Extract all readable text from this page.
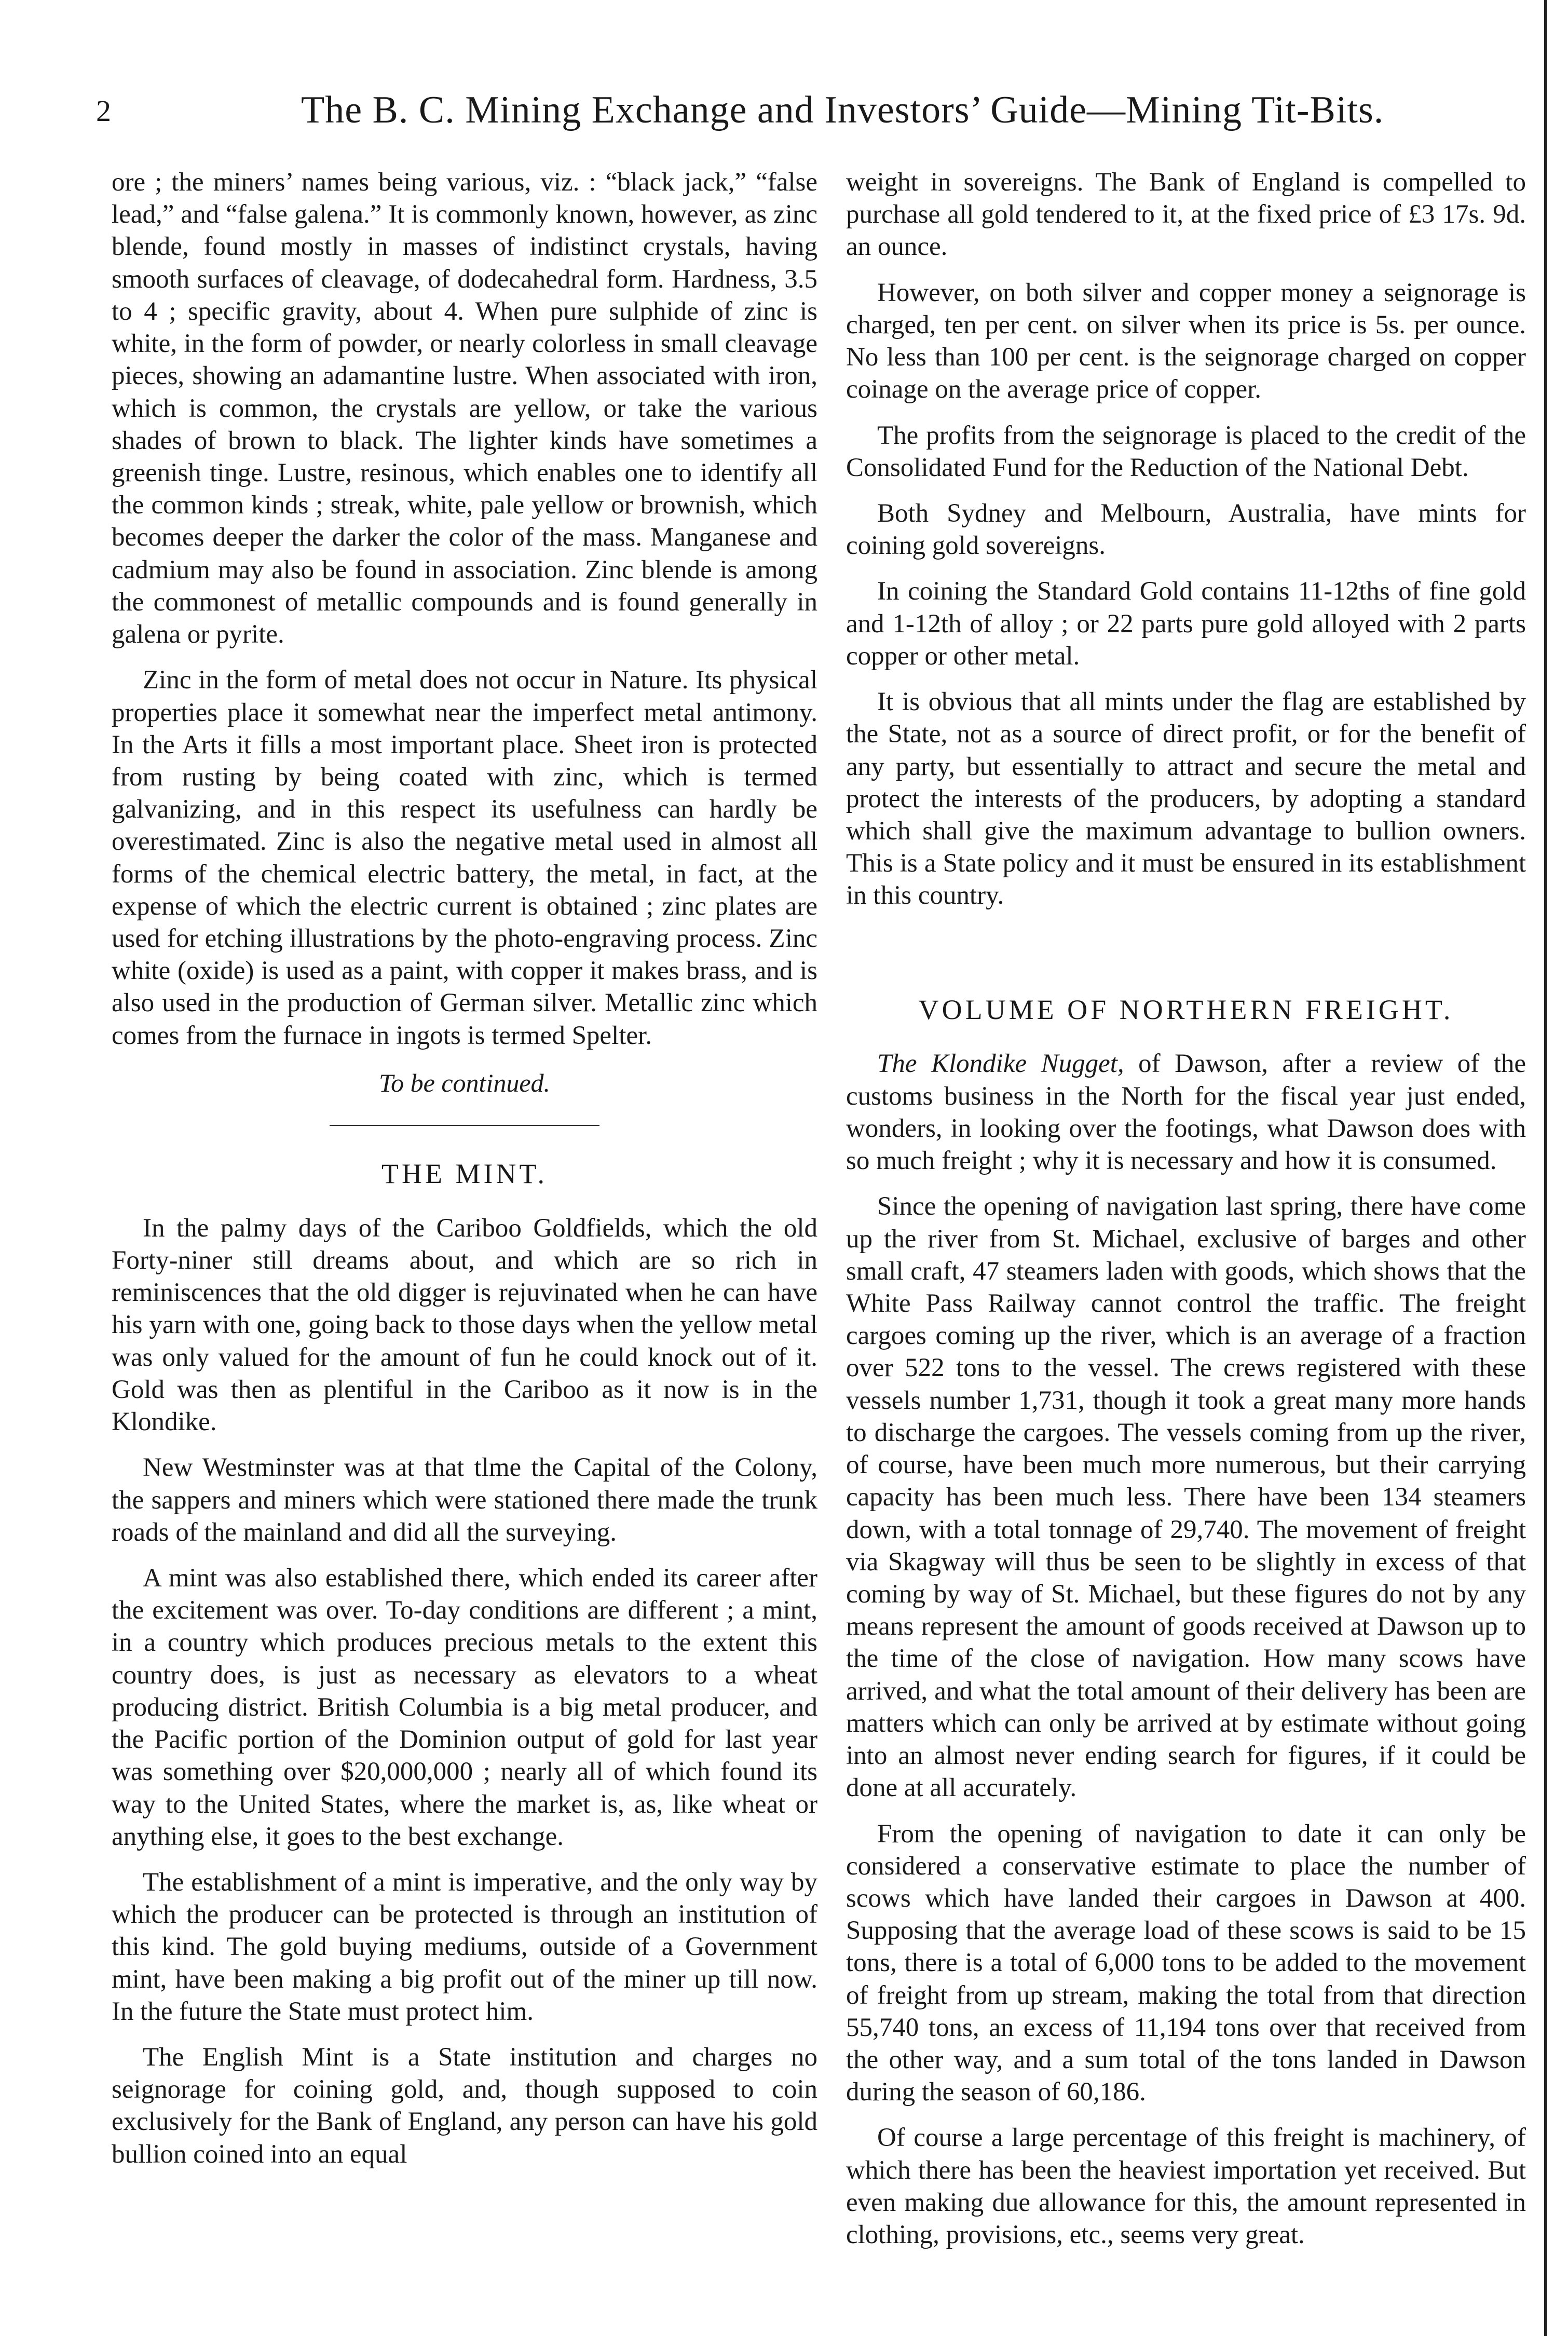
2	The B. C. Mining Exchange and Investors’ Guide—Mining Tit-Bits.

ore ; the miners’ names being various, viz. : “black jack,” “false lead,” and “false galena.” It is commonly known, however, as zinc blende, found mostly in masses of indistinct crystals, having smooth surfaces of cleavage, of dodecahedral form. Hardness, 3.5 to 4 ; specific gravity, about 4. When pure sulphide of zinc is white, in the form of powder, or nearly colorless in small cleavage pieces, showing an adamantine lustre. When associated with iron, which is common, the crystals are yellow, or take the various shades of brown to black. The lighter kinds have sometimes a greenish tinge. Lustre, resinous, which enables one to identify all the common kinds ; streak, white, pale yellow or brownish, which becomes deeper the darker the color of the mass. Manganese and cadmium may also be found in association. Zinc blende is among the commonest of metallic compounds and is found generally in galena or pyrite.

Zinc in the form of metal does not occur in Nature. Its physical properties place it somewhat near the imperfect metal antimony. In the Arts it fills a most important place. Sheet iron is protected from rusting by being coated with zinc, which is termed galvanizing, and in this respect its usefulness can hardly be overestimated. Zinc is also the negative metal used in almost all forms of the chemical electric battery, the metal, in fact, at the expense of which the electric current is obtained ; zinc plates are used for etching illustrations by the photo-engraving process. Zinc white (oxide) is used as a paint, with copper it makes brass, and is also used in the production of German silver. Metallic zinc which comes from the furnace in ingots is termed Spelter.

To be continued.
THE MINT.

In the palmy days of the Cariboo Goldfields, which the old Forty-niner still dreams about, and which are so rich in reminiscences that the old digger is rejuvinated when he can have his yarn with one, going back to those days when the yellow metal was only valued for the amount of fun he could knock out of it. Gold was then as plentiful in the Cariboo as it now is in the Klondike.

New Westminster was at that tlme the Capital of the Colony, the sappers and miners which were stationed there made the trunk roads of the mainland and did all the surveying.

A mint was also established there, which ended its career after the excitement was over. To-day conditions are different ; a mint, in a country which produces precious metals to the extent this country does, is just as necessary as elevators to a wheat producing district. British Columbia is a big metal producer, and the Pacific portion of the Dominion output of gold for last year was something over $20,000,000 ; nearly all of which found its way to the United States, where the market is, as, like wheat or anything else, it goes to the best exchange.

The establishment of a mint is imperative, and the only way by which the producer can be protected is through an institution of this kind. The gold buying mediums, outside of a Government mint, have been making a big profit out of the miner up till now. In the future the State must protect him.

The English Mint is a State institution and charges no seignorage for coining gold, and, though supposed to coin exclusively for the Bank of England, any person can have his gold bullion coined into an equal

weight in sovereigns. The Bank of England is compelled to purchase all gold tendered to it, at the fixed price of £3 17s. 9d. an ounce.

However, on both silver and copper money a seignorage is charged, ten per cent. on silver when its price is 5s. per ounce. No less than 100 per cent. is the seignorage charged on copper coinage on the average price of copper.

The profits from the seignorage is placed to the credit of the Consolidated Fund for the Reduction of the National Debt.

Both Sydney and Melbourn, Australia, have mints for coining gold sovereigns.

In coining the Standard Gold contains 11-12ths of fine gold and 1-12th of alloy ; or 22 parts pure gold alloyed with 2 parts copper or other metal.

It is obvious that all mints under the flag are established by the State, not as a source of direct profit, or for the benefit of any party, but essentially to attract and secure the metal and protect the interests of the producers, by adopting a standard which shall give the maximum advantage to bullion owners. This is a State policy and it must be ensured in its establishment in this country.

VOLUME OF NORTHERN FREIGHT.

The Klondike Nugget, of Dawson, after a review of the customs business in the North for the fiscal year just ended, wonders, in looking over the footings, what Dawson does with so much freight ; why it is necessary and how it is consumed.

Since the opening of navigation last spring, there have come up the river from St. Michael, exclusive of barges and other small craft, 47 steamers laden with goods, which shows that the White Pass Railway cannot control the traffic. The freight cargoes coming up the river, which is an average of a fraction over 522 tons to the vessel. The crews registered with these vessels number 1,731, though it took a great many more hands to discharge the cargoes. The vessels coming from up the river, of course, have been much more numerous, but their carrying capacity has been much less. There have been 134 steamers down, with a total tonnage of 29,740. The movement of freight via Skagway will thus be seen to be slightly in excess of that coming by way of St. Michael, but these figures do not by any means represent the amount of goods received at Dawson up to the time of the close of navigation. How many scows have arrived, and what the total amount of their delivery has been are matters which can only be arrived at by estimate without going into an almost never ending search for figures, if it could be done at all accurately.

From the opening of navigation to date it can only be considered a conservative estimate to place the number of scows which have landed their cargoes in Dawson at 400. Supposing that the average load of these scows is said to be 15 tons, there is a total of 6,000 tons to be added to the movement of freight from up stream, making the total from that direction 55,740 tons, an excess of 11,194 tons over that received from the other way, and a sum total of the tons landed in Dawson during the season of 60,186.

Of course a large percentage of this freight is machinery, of which there has been the heaviest importation yet received. But even making due allowance for this, the amount represented in clothing, provisions, etc., seems very great.
